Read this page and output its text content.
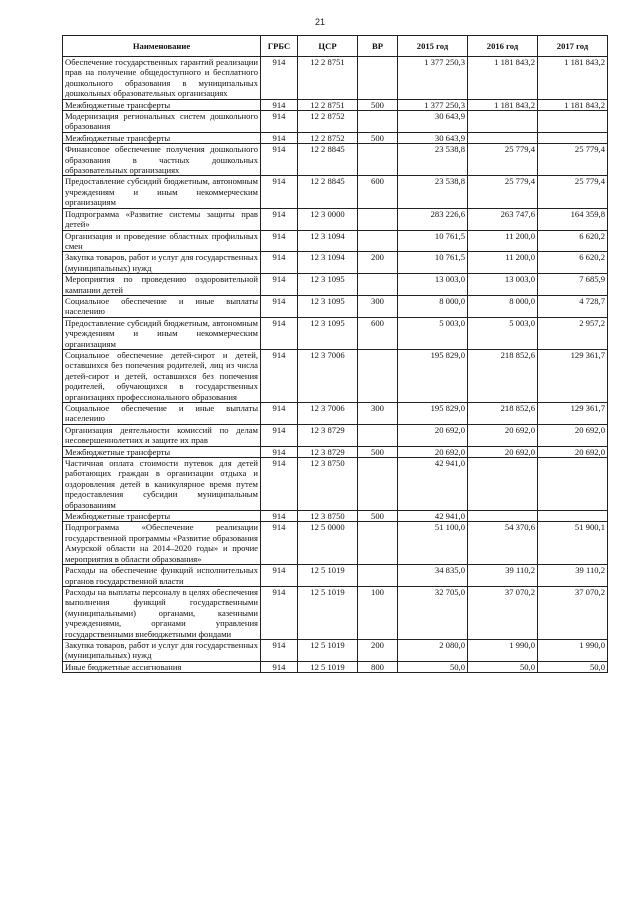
21
Наименование	ГРБС	ЦСР	ВР	2015 год	2016 год	2017 год
Обеспечение государственных гарантий реализации прав на получение общедоступного и бесплатного дошкольного образования в муниципальных дошкольных образовательных организациях	914	12 2 8751		1 377 250,3	1 181 843,2	1 181 843,2
Межбюджетные трансферты	914	12 2 8751	500	1 377 250,3	1 181 843,2	1 181 843,2
Модернизация региональных систем дошкольного образования	914	12 2 8752		30 643,9		
Межбюджетные трансферты	914	12 2 8752	500	30 643,9		
Финансовое обеспечение получения дошкольного образования в частных дошкольных образовательных организациях	914	12 2 8845		23 538,8	25 779,4	25 779,4
Предоставление субсидий бюджетным, автономным учреждениям и иным некоммерческим организациям	914	12 2 8845	600	23 538,8	25 779,4	25 779,4
Подпрограмма «Развитие системы защиты прав детей»	914	12 3 0000		283 226,6	263 747,6	164 359,8
Организация и проведение областных профильных смен	914	12 3 1094		10 761,5	11 200,0	6 620,2
Закупка товаров, работ и услуг для государственных (муниципальных) нужд	914	12 3 1094	200	10 761,5	11 200,0	6 620,2
Мероприятия по проведению оздоровительной кампании детей	914	12 3 1095		13 003,0	13 003,0	7 685,9
Социальное обеспечение и иные выплаты населению	914	12 3 1095	300	8 000,0	8 000,0	4 728,7
Предоставление субсидий бюджетным, автономным учреждениям и иным некоммерческим организациям	914	12 3 1095	600	5 003,0	5 003,0	2 957,2
Социальное обеспечение детей-сирот и детей, оставшихся без попечения родителей, лиц из числа детей-сирот и детей, оставшихся без попечения родителей, обучающихся в государственных организациях профессионального образования	914	12 3 7006		195 829,0	218 852,6	129 361,7
Социальное обеспечение и иные выплаты населению	914	12 3 7006	300	195 829,0	218 852,6	129 361,7
Организация деятельности комиссий по делам несовершеннолетних и защите их прав	914	12 3 8729		20 692,0	20 692,0	20 692,0
Межбюджетные трансферты	914	12 3 8729	500	20 692,0	20 692,0	20 692,0
Частичная оплата стоимости путевок для детей работающих граждан в организации отдыха и оздоровления детей в каникулярное время путем предоставления субсидии муниципальным образованиям	914	12 3 8750		42 941,0		
Межбюджетные трансферты	914	12 3 8750	500	42 941,0		
Подпрограмма «Обеспечение реализации государственной программы «Развитие образования Амурской области на 2014–2020 годы» и прочие мероприятия в области образования»	914	12 5 0000		51 100,0	54 370,6	51 900,1
Расходы на обеспечение функций исполнительных органов государственной власти	914	12 5 1019		34 835,0	39 110,2	39 110,2
Расходы на выплаты персоналу в целях обеспечения выполнения функций государственными (муниципальными) органами, казенными учреждениями, органами управления государственными внебюджетными фондами	914	12 5 1019	100	32 705,0	37 070,2	37 070,2
Закупка товаров, работ и услуг для государственных (муниципальных) нужд	914	12 5 1019	200	2 080,0	1 990,0	1 990,0
Иные бюджетные ассигнования	914	12 5 1019	800	50,0	50,0	50,0
